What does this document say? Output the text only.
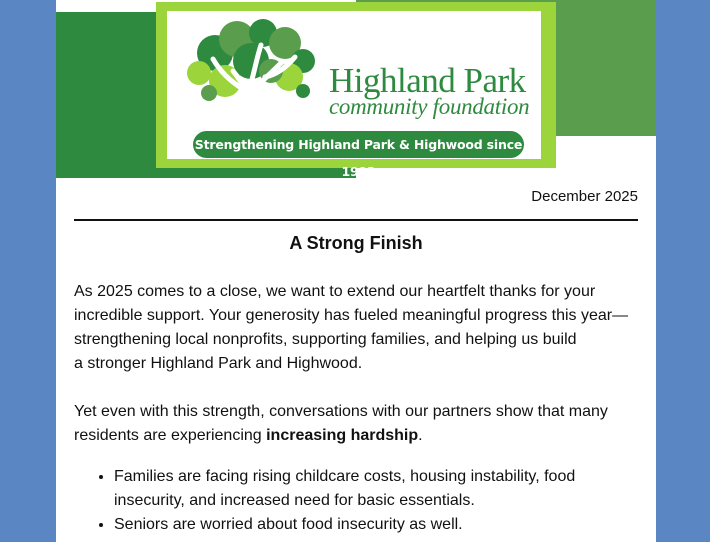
Highland Park
community foundation
Strengthening Highland Park & Highwood since 1992
December 2025
A Strong Finish
As 2025 comes to a close, we want to extend our heartfelt thanks for your
incredible support. Your generosity has fueled meaningful progress this year—
strengthening local nonprofits, supporting families, and helping us build
a stronger Highland Park and Highwood.
Yet even with this strength, conversations with our partners show that many
residents are experiencing increasing hardship.
• Families are facing rising childcare costs, housing instability, food
insecurity, and increased need for basic essentials.
• Seniors are worried about food insecurity as well.
